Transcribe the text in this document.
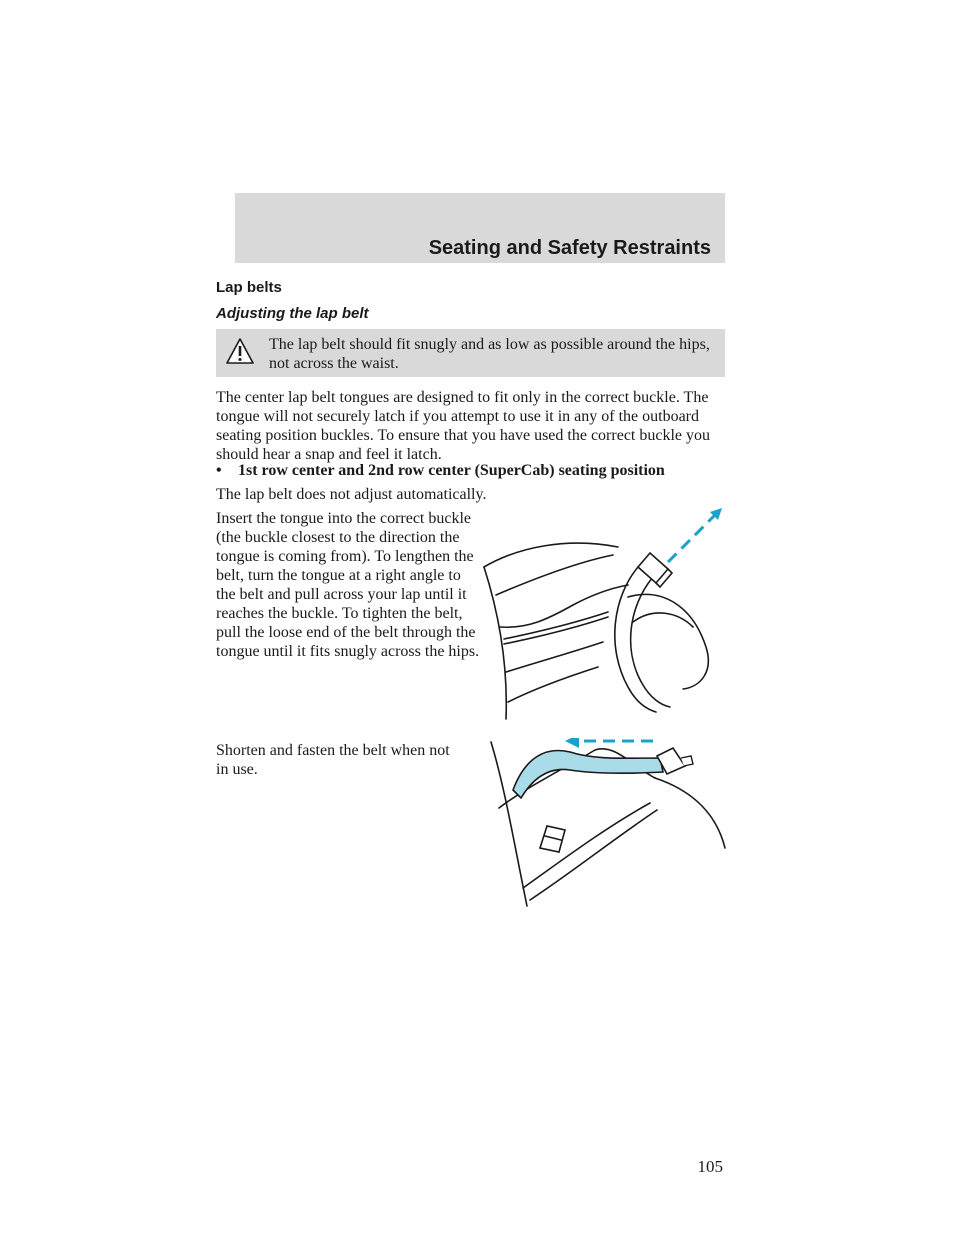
Seating and Safety Restraints
Lap belts
Adjusting the lap belt
The lap belt should fit snugly and as low as possible around the hips, not across the waist.

The center lap belt tongues are designed to fit only in the correct buckle. The tongue will not securely latch if you attempt to use it in any of the outboard seating position buckles. To ensure that you have used the correct buckle you should hear a snap and feel it latch.

• 1st row center and 2nd row center (SuperCab) seating position

The lap belt does not adjust automatically.

Insert the tongue into the correct buckle (the buckle closest to the direction the tongue is coming from). To lengthen the belt, turn the tongue at a right angle to the belt and pull across your lap until it reaches the buckle. To tighten the belt, pull the loose end of the belt through the tongue until it fits snugly across the hips.

Shorten and fasten the belt when not in use.

105
